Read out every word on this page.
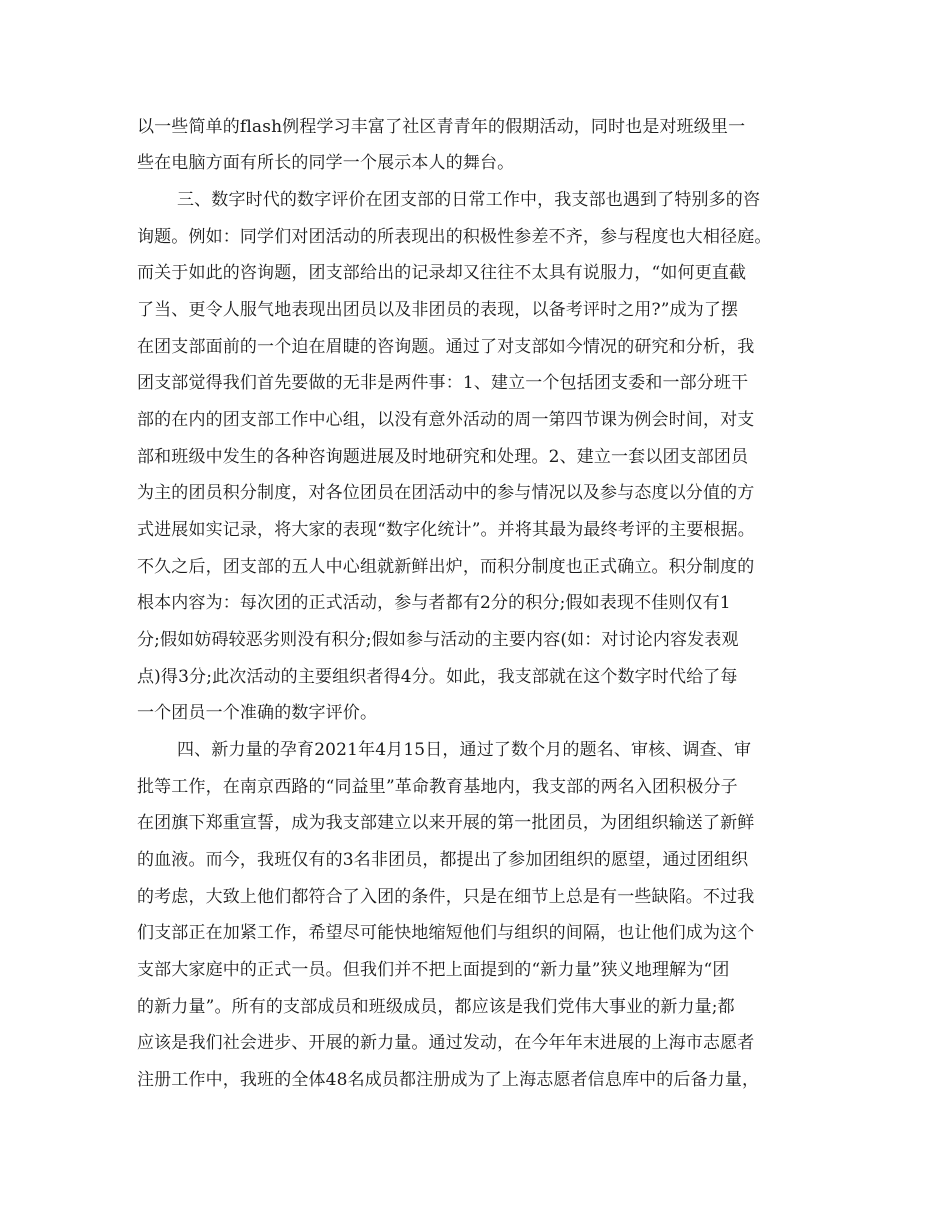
以一些简单的flash例程学习丰富了社区青青年的假期活动，同时也是对班级里一
些在电脑方面有所长的同学一个展示本人的舞台。
三、数字时代的数字评价在团支部的日常工作中，我支部也遇到了特别多的咨
询题。例如：同学们对团活动的所表现出的积极性参差不齐，参与程度也大相径庭。
而关于如此的咨询题，团支部给出的记录却又往往不太具有说服力，“如何更直截
了当、更令人服气地表现出团员以及非团员的表现，以备考评时之用?”成为了摆
在团支部面前的一个迫在眉睫的咨询题。通过了对支部如今情况的研究和分析，我
团支部觉得我们首先要做的无非是两件事：1、建立一个包括团支委和一部分班干
部的在内的团支部工作中心组，以没有意外活动的周一第四节课为例会时间，对支
部和班级中发生的各种咨询题进展及时地研究和处理。2、建立一套以团支部团员
为主的团员积分制度，对各位团员在团活动中的参与情况以及参与态度以分值的方
式进展如实记录，将大家的表现“数字化统计”。并将其最为最终考评的主要根据。
不久之后，团支部的五人中心组就新鲜出炉，而积分制度也正式确立。积分制度的
根本内容为：每次团的正式活动，参与者都有2分的积分;假如表现不佳则仅有1
分;假如妨碍较恶劣则没有积分;假如参与活动的主要内容(如：对讨论内容发表观
点)得3分;此次活动的主要组织者得4分。如此，我支部就在这个数字时代给了每
一个团员一个准确的数字评价。
四、新力量的孕育2021年4月15日，通过了数个月的题名、审核、调查、审
批等工作，在南京西路的“同益里”革命教育基地内，我支部的两名入团积极分子
在团旗下郑重宣誓，成为我支部建立以来开展的第一批团员，为团组织输送了新鲜
的血液。而今，我班仅有的3名非团员，都提出了参加团组织的愿望，通过团组织
的考虑，大致上他们都符合了入团的条件，只是在细节上总是有一些缺陷。不过我
们支部正在加紧工作，希望尽可能快地缩短他们与组织的间隔，也让他们成为这个
支部大家庭中的正式一员。但我们并不把上面提到的“新力量”狭义地理解为“团
的新力量”。所有的支部成员和班级成员，都应该是我们党伟大事业的新力量;都
应该是我们社会进步、开展的新力量。通过发动，在今年年末进展的上海市志愿者
注册工作中，我班的全体48名成员都注册成为了上海志愿者信息库中的后备力量，
